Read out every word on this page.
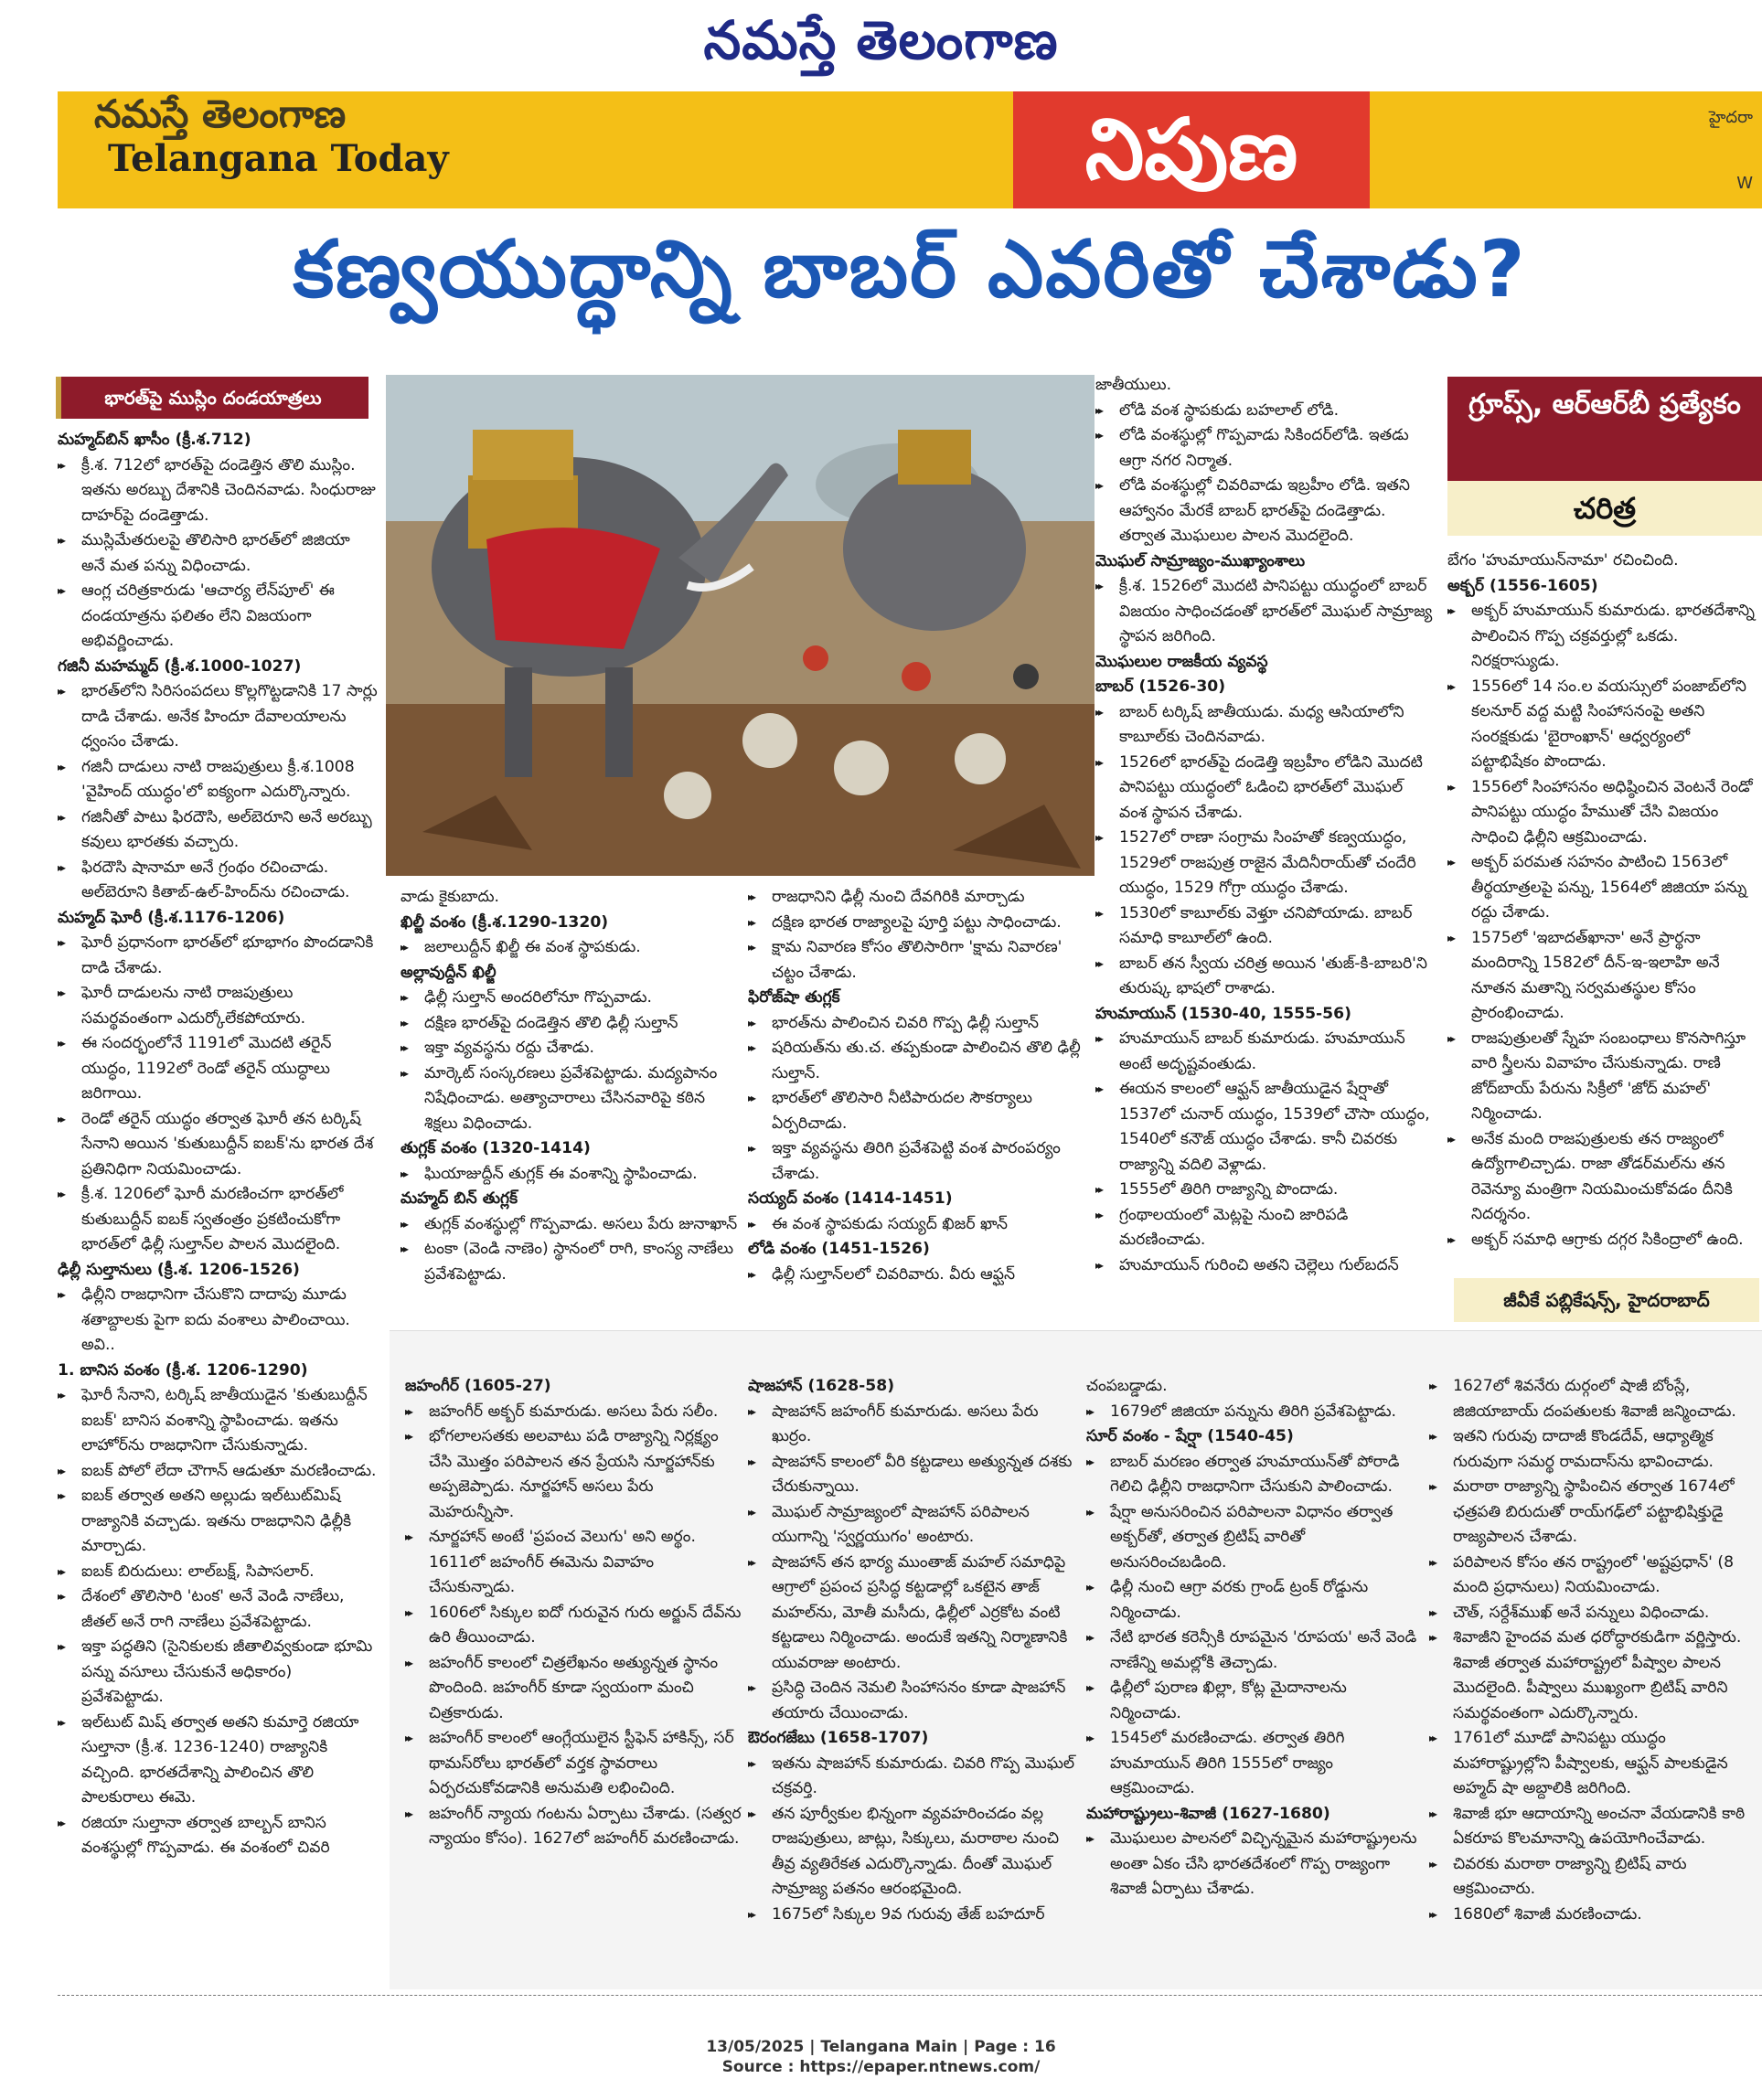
నమస్తే తెలంగాణ
నమస్తే తెలంగాణ
Telangana Today	నిపుణ	హైదరా
W
కణ్వయుద్ధాన్ని బాబర్ ఎవరితో చేశాడు?
భారత్‌పై ముస్లిం దండయాత్రలు	గ్రూప్స్, ఆర్ఆర్‌బీ ప్రత్యేకం
చరిత్ర
జీవీకే పబ్లికేషన్స్, హైదరాబాద్

మహ్మద్‌బిన్ ఖాసీం (క్రీ.శ.712)

▸▸ క్రీ.శ. 712లో భారత్‌పై దండెత్తిన తొలి ముస్లిం. ఇతను అరబ్బు దేశానికి చెందినవాడు. సింధురాజు దాహర్‌పై దండెత్తాడు.

▸▸ ముస్లిమేతరులపై తొలిసారి భారత్‌లో జిజియా అనే మత పన్ను విధించాడు.

▸▸ ఆంగ్ల చరిత్రకారుడు 'ఆచార్య లేన్‌పూల్' ఈ దండయాత్రను ఫలితం లేని విజయంగా అభివర్ణించాడు.

గజినీ మహమ్మద్ (క్రీ.శ.1000-1027)

▸▸ భారత్‌లోని సిరిసంపదలు కొల్లగొట్టడానికి 17 సార్లు దాడి చేశాడు. అనేక హిందూ దేవాలయాలను ధ్వంసం చేశాడు.

▸▸ గజినీ దాడులు నాటి రాజపుత్రులు క్రీ.శ.1008 'వైహింద్ యుద్ధం'లో ఐక్యంగా ఎదుర్కొన్నారు.

▸▸ గజినీతో పాటు ఫిరదౌసి, అల్‌బెరూని అనే అరబ్బు కవులు భారతకు వచ్చారు.

▸▸ ఫిరదౌసి షానామా అనే గ్రంథం రచించాడు. అల్‌బెరూని కితాబ్-ఉల్-హింద్‌ను రచించాడు.

మహ్మద్ ఘోరీ (క్రీ.శ.1176-1206)

▸▸ ఘోరీ ప్రధానంగా భారత్‌లో భూభాగం పొందడానికి దాడి చేశాడు.

▸▸ ఘోరీ దాడులను నాటి రాజపుత్రులు సమర్థవంతంగా ఎదుర్కోలేకపోయారు.

▸▸ ఈ సందర్భంలోనే 1191లో మొదటి తరైన్ యుద్ధం, 1192లో రెండో తరైన్ యుద్ధాలు జరిగాయి.

▸▸ రెండో తరైన్ యుద్ధం తర్వాత ఘోరీ తన టర్కిష్ సేనాని అయిన 'కుతుబుద్దీన్ ఐబక్'ను భారత దేశ ప్రతినిధిగా నియమించాడు.

▸▸ క్రీ.శ. 1206లో ఘోరీ మరణించగా భారత్‌లో కుతుబుద్దీన్ ఐబక్ స్వతంత్రం ప్రకటించుకోగా భారత్‌లో ఢిల్లీ సుల్తాన్‌ల పాలన మొదలైంది.

ఢిల్లీ సుల్తానులు (క్రీ.శ. 1206-1526)

▸▸ ఢిల్లీని రాజధానిగా చేసుకొని దాదాపు మూడు శతాబ్దాలకు పైగా ఐదు వంశాలు పాలించాయి. అవి..

1. బానిస వంశం (క్రీ.శ. 1206-1290)

▸▸ ఘోరీ సేనాని, టర్కిష్ జాతీయుడైన 'కుతుబుద్దీన్ ఐబక్' బానిస వంశాన్ని స్థాపించాడు. ఇతను లాహోర్‌ను రాజధానిగా చేసుకున్నాడు.

▸▸ ఐబక్ పోలో లేదా చౌగాన్ ఆడుతూ మరణించాడు.

▸▸ ఐబక్ తర్వాత అతని అల్లుడు ఇల్‌టుట్‌మిష్ రాజ్యానికి వచ్చాడు. ఇతను రాజధానిని ఢిల్లీకి మార్చాడు.

▸▸ ఐబక్ బిరుదులు: లాల్‌బక్ష్, సిపాసలార్.

▸▸ దేశంలో తొలిసారి 'టంక' అనే వెండి నాణేలు, జీతల్ అనే రాగి నాణేలు ప్రవేశపెట్టాడు.

▸▸ ఇక్తా పద్ధతిని (సైనికులకు జీతాలివ్వకుండా భూమి పన్ను వసూలు చేసుకునే అధికారం) ప్రవేశపెట్టాడు.

▸▸ ఇల్‌టుట్ మిష్ తర్వాత అతని కుమార్తె రజియా సుల్తానా (క్రీ.శ. 1236-1240) రాజ్యానికి వచ్చింది. భారతదేశాన్ని పాలించిన తొలి పాలకురాలు ఈమె.

▸▸ రజియా సుల్తానా తర్వాత బాల్బన్ బానిస వంశస్థుల్లో గొప్పవాడు. ఈ వంశంలో చివరి

వాడు కైకుబాదు.

ఖిల్జీ వంశం (క్రీ.శ.1290-1320)

▸▸ జలాలుద్దీన్ ఖిల్జీ ఈ వంశ స్థాపకుడు.

అల్లావుద్దీన్ ఖిల్జీ

▸▸ ఢిల్లీ సుల్తాన్ అందరిలోనూ గొప్పవాడు.

▸▸ దక్షిణ భారత్‌పై దండెత్తిన తొలి ఢిల్లీ సుల్తాన్

▸▸ ఇక్తా వ్యవస్థను రద్దు చేశాడు.

▸▸ మార్కెట్ సంస్కరణలు ప్రవేశపెట్టాడు. మద్యపానం నిషేధించాడు. అత్యాచారాలు చేసినవారిపై కఠిన శిక్షలు విధించాడు.

తుగ్లక్ వంశం (1320-1414)

▸▸ ఘియాజుద్దీన్ తుగ్లక్ ఈ వంశాన్ని స్థాపించాడు.

మహ్మద్ బిన్ తుగ్లక్

▸▸ తుగ్లక్ వంశస్థుల్లో గొప్పవాడు. అసలు పేరు జునాఖాన్

▸▸ టంకా (వెండి నాణెం) స్థానంలో రాగి, కాంస్య నాణేలు ప్రవేశపెట్టాడు.

▸▸ రాజధానిని ఢిల్లీ నుంచి దేవగిరికి మార్చాడు

▸▸ దక్షిణ భారత రాజ్యాలపై పూర్తి పట్టు సాధించాడు.

▸▸ క్షామ నివారణ కోసం తొలిసారిగా 'క్షామ నివారణ' చట్టం చేశాడు.

ఫిరోజ్‌షా తుగ్లక్

▸▸ భారత్‌ను పాలించిన చివరి గొప్ప ఢిల్లీ సుల్తాన్

▸▸ షరియత్‌ను తు.చ. తప్పకుండా పాలించిన తొలి ఢిల్లీ సుల్తాన్.

▸▸ భారత్‌లో తొలిసారి నీటిపారుదల సౌకర్యాలు ఏర్పరిచాడు.

▸▸ ఇక్తా వ్యవస్థను తిరిగి ప్రవేశపెట్టి వంశ పారంపర్యం చేశాడు.

సయ్యద్ వంశం (1414-1451)

▸▸ ఈ వంశ స్థాపకుడు సయ్యద్ ఖిజర్ ఖాన్

లోడి వంశం (1451-1526)

▸▸ ఢిల్లీ సుల్తాన్‌లలో చివరివారు. వీరు ఆఫ్ఘన్

జాతీయులు.

▸▸ లోడి వంశ స్థాపకుడు బహలాల్ లోడి.

▸▸ లోడి వంశస్థుల్లో గొప్పవాడు సికిందర్‌లోడి. ఇతడు ఆగ్రా నగర నిర్మాత.

▸▸ లోడి వంశస్థుల్లో చివరివాడు ఇబ్రహీం లోడి. ఇతని ఆహ్వానం మేరకే బాబర్ భారత్‌పై దండెత్తాడు. తర్వాత మొఘలుల పాలన మొదలైంది.

మొఘల్ సామ్రాజ్యం-ముఖ్యాంశాలు

▸▸ క్రీ.శ. 1526లో మొదటి పానిపట్టు యుద్ధంలో బాబర్ విజయం సాధించడంతో భారత్‌లో మొఘల్ సామ్రాజ్య స్థాపన జరిగింది.

మొఘలుల రాజకీయ వ్యవస్థ

బాబర్ (1526-30)

▸▸ బాబర్ టర్కిష్ జాతీయుడు. మధ్య ఆసియాలోని కాబూల్‌కు చెందినవాడు.

▸▸ 1526లో భారత్‌పై దండెత్తి ఇబ్రహీం లోడిని మొదటి పానిపట్టు యుద్ధంలో ఓడించి భారత్‌లో మొఘల్ వంశ స్థాపన చేశాడు.

▸▸ 1527లో రాణా సంగ్రామ సింహతో కణ్వయుద్ధం, 1529లో రాజపుత్ర రాజైన మేదినీరాయ్‌తో చందేరి యుద్ధం, 1529 గోగ్రా యుద్ధం చేశాడు.

▸▸ 1530లో కాబూల్‌కు వెళ్తూ చనిపోయాడు. బాబర్ సమాధి కాబూల్‌లో ఉంది.

▸▸ బాబర్ తన స్వీయ చరిత్ర అయిన 'తుజ్-కి-బాబరి'ని తురుష్క భాషలో రాశాడు.

హుమాయున్ (1530-40, 1555-56)

▸▸ హుమాయున్ బాబర్ కుమారుడు. హుమాయున్ అంటే అదృష్టవంతుడు.

▸▸ ఈయన కాలంలో ఆఫ్ఘన్ జాతీయుడైన షేర్షాతో 1537లో చునార్ యుద్ధం, 1539లో చౌసా యుద్ధం, 1540లో కనౌజ్ యుద్ధం చేశాడు. కానీ చివరకు రాజ్యాన్ని వదిలి వెళ్లాడు.

▸▸ 1555లో తిరిగి రాజ్యాన్ని పొందాడు.

▸▸ గ్రంథాలయంలో మెట్లపై నుంచి జారిపడి మరణించాడు.

▸▸ హుమాయున్ గురించి అతని చెల్లెలు గుల్‌బదన్

బేగం 'హుమాయున్‌నామా' రచించింది.

అక్బర్ (1556-1605)

▸▸ అక్బర్ హుమాయున్ కుమారుడు. భారతదేశాన్ని పాలించిన గొప్ప చక్రవర్తుల్లో ఒకడు. నిరక్షరాస్యుడు.

▸▸ 1556లో 14 సం.ల వయస్సులో పంజాబ్‌లోని కలనూర్ వద్ద మట్టి సింహాసనంపై అతని సంరక్షకుడు 'బైరాంఖాన్' ఆధ్వర్యంలో పట్టాభిషేకం పొందాడు.

▸▸ 1556లో సింహాసనం అధిష్ఠించిన వెంటనే రెండో పానిపట్టు యుద్ధం హేముతో చేసి విజయం సాధించి ఢిల్లీని ఆక్రమించాడు.

▸▸ అక్బర్ పరమత సహనం పాటించి 1563లో తీర్థయాత్రలపై పన్ను, 1564లో జిజియా పన్ను రద్దు చేశాడు.

▸▸ 1575లో 'ఇబాదత్‌ఖానా' అనే ప్రార్థనా మందిరాన్ని 1582లో దీన్-ఇ-ఇలాహి అనే నూతన మతాన్ని సర్వమతస్థుల కోసం ప్రారంభించాడు.

▸▸ రాజపుత్రులతో స్నేహ సంబంధాలు కొనసాగిస్తూ వారి స్త్రీలను వివాహం చేసుకున్నాడు. రాణి జోద్‌బాయ్ పేరును సిక్రీలో 'జోద్ మహల్' నిర్మించాడు.

▸▸ అనేక మంది రాజపుత్రులకు తన రాజ్యంలో ఉద్యోగాలిచ్చాడు. రాజా తోడర్‌మల్‌ను తన రెవెన్యూ మంత్రిగా నియమించుకోవడం దీనికి నిదర్శనం.

▸▸ అక్బర్ సమాధి ఆగ్రాకు దగ్గర సికింద్రాలో ఉంది.

జహంగీర్ (1605-27)

▸▸ జహంగీర్ అక్బర్ కుమారుడు. అసలు పేరు సలీం.

▸▸ భోగలాలసతకు అలవాటు పడి రాజ్యాన్ని నిర్లక్ష్యం చేసి మొత్తం పరిపాలన తన ప్రేయసి నూర్జహాన్‌కు అప్పజెప్పాడు. నూర్జహాన్ అసలు పేరు మెహరున్నీసా.

▸▸ నూర్జహాన్ అంటే 'ప్రపంచ వెలుగు' అని అర్థం. 1611లో జహంగీర్ ఈమెను వివాహం చేసుకున్నాడు.

▸▸ 1606లో సిక్కుల ఐదో గురువైన గురు అర్జున్ దేవ్‌ను ఉరి తీయించాడు.

▸▸ జహంగీర్ కాలంలో చిత్రలేఖనం అత్యున్నత స్థానం పొందింది. జహంగీర్ కూడా స్వయంగా మంచి చిత్రకారుడు.

▸▸ జహంగీర్ కాలంలో ఆంగ్లేయులైన స్టీఫెన్ హాకిన్స్, సర్ థామస్‌రోలు భారత్‌లో వర్తక స్థావరాలు ఏర్పరచుకోవడానికి అనుమతి లభించింది.

▸▸ జహంగీర్ న్యాయ గంటను ఏర్పాటు చేశాడు. (సత్వర న్యాయం కోసం). 1627లో జహంగీర్ మరణించాడు.

షాజహాన్ (1628-58)

▸▸ షాజహాన్ జహంగీర్ కుమారుడు. అసలు పేరు ఖుర్రం.

▸▸ షాజహాన్ కాలంలో వీరి కట్టడాలు అత్యున్నత దశకు చేరుకున్నాయి.

▸▸ మొఘల్ సామ్రాజ్యంలో షాజహాన్ పరిపాలన యుగాన్ని 'స్వర్ణయుగం' అంటారు.

▸▸ షాజహాన్ తన భార్య ముంతాజ్ మహల్ సమాధిపై ఆగ్రాలో ప్రపంచ ప్రసిద్ధ కట్టడాల్లో ఒకటైన తాజ్ మహల్‌ను, మోతీ మసీదు, ఢిల్లీలో ఎర్రకోట వంటి కట్టడాలు నిర్మించాడు. అందుకే ఇతన్ని నిర్మాణానికి యువరాజు అంటారు.

▸▸ ప్రసిద్ధి చెందిన నెమలి సింహాసనం కూడా షాజహాన్ తయారు చేయించాడు.

ఔరంగజేబు (1658-1707)

▸▸ ఇతను షాజహాన్ కుమారుడు. చివరి గొప్ప మొఘల్ చక్రవర్తి.

▸▸ తన పూర్వీకుల భిన్నంగా వ్యవహరించడం వల్ల రాజపుత్రులు, జాట్లు, సిక్కులు, మరాఠాల నుంచి తీవ్ర వ్యతిరేకత ఎదుర్కొన్నాడు. దీంతో మొఘల్ సామ్రాజ్య పతనం ఆరంభమైంది.

▸▸ 1675లో సిక్కుల 9వ గురువు తేజ్ బహదూర్

చంపబడ్డాడు.

▸▸ 1679లో జిజియా పన్నును తిరిగి ప్రవేశపెట్టాడు.

సూర్ వంశం - షేర్షా (1540-45)

▸▸ బాబర్ మరణం తర్వాత హుమాయున్‌తో పోరాడి గెలిచి ఢిల్లీని రాజధానిగా చేసుకుని పాలించాడు.

▸▸ షేర్షా అనుసరించిన పరిపాలనా విధానం తర్వాత అక్బర్‌తో, తర్వాత బ్రిటిష్ వారితో అనుసరించబడింది.

▸▸ ఢిల్లీ నుంచి ఆగ్రా వరకు గ్రాండ్ ట్రంక్ రోడ్డును నిర్మించాడు.

▸▸ నేటి భారత కరెన్సీకి రూపమైన 'రూపయ' అనే వెండి నాణేన్ని అమల్లోకి తెచ్చాడు.

▸▸ ఢిల్లీలో పురాణ ఖిల్లా, కోట్ల మైదానాలను నిర్మించాడు.

▸▸ 1545లో మరణించాడు. తర్వాత తిరిగి హుమాయున్ తిరిగి 1555లో రాజ్యం ఆక్రమించాడు.

మహారాష్ట్రులు-శివాజీ (1627-1680)

▸▸ మొఘలుల పాలనలో విచ్ఛిన్నమైన మహారాష్ట్రులను అంతా ఏకం చేసి భారతదేశంలో గొప్ప రాజ్యంగా శివాజీ ఏర్పాటు చేశాడు.

▸▸ 1627లో శివనేరు దుర్గంలో షాజీ బోంస్లే, జిజియాబాయ్ దంపతులకు శివాజీ జన్మించాడు.

▸▸ ఇతని గురువు దాదాజీ కొండదేవ్, ఆధ్యాత్మిక గురువుగా సమర్థ రామదాస్‌ను భావించాడు.

▸▸ మరాఠా రాజ్యాన్ని స్థాపించిన తర్వాత 1674లో ఛత్రపతి బిరుదుతో రాయ్‌గఢ్‌లో పట్టాభిషిక్తుడై రాజ్యపాలన చేశాడు.

▸▸ పరిపాలన కోసం తన రాష్ట్రంలో 'అష్టప్రధాన్' (8 మంది ప్రధానులు) నియమించాడు.

▸▸ చౌత్, సర్దేశ్‌ముఖ్ అనే పన్నులు విధించాడు.

▸▸ శివాజీని హైందవ మత ధరోద్ధారకుడిగా వర్ణిస్తారు. శివాజీ తర్వాత మహారాష్ట్రలో పీష్వాల పాలన మొదలైంది. పీష్వాలు ముఖ్యంగా బ్రిటిష్ వారిని సమర్థవంతంగా ఎదుర్కొన్నారు.

▸▸ 1761లో మూడో పానిపట్టు యుద్ధం మహారాష్ట్రుల్లోని పీష్వాలకు, ఆఫ్ఘన్ పాలకుడైన అహ్మద్ షా అబ్దాలికి జరిగింది.

▸▸ శివాజీ భూ ఆదాయాన్ని అంచనా వేయడానికి కాఠి ఏకరూప కొలమానాన్ని ఉపయోగించేవాడు.

▸▸ చివరకు మరాఠా రాజ్యాన్ని బ్రిటిష్ వారు ఆక్రమించారు.

▸▸ 1680లో శివాజీ మరణించాడు.

13/05/2025 | Telangana Main | Page : 16
Source : https://epaper.ntnews.com/
